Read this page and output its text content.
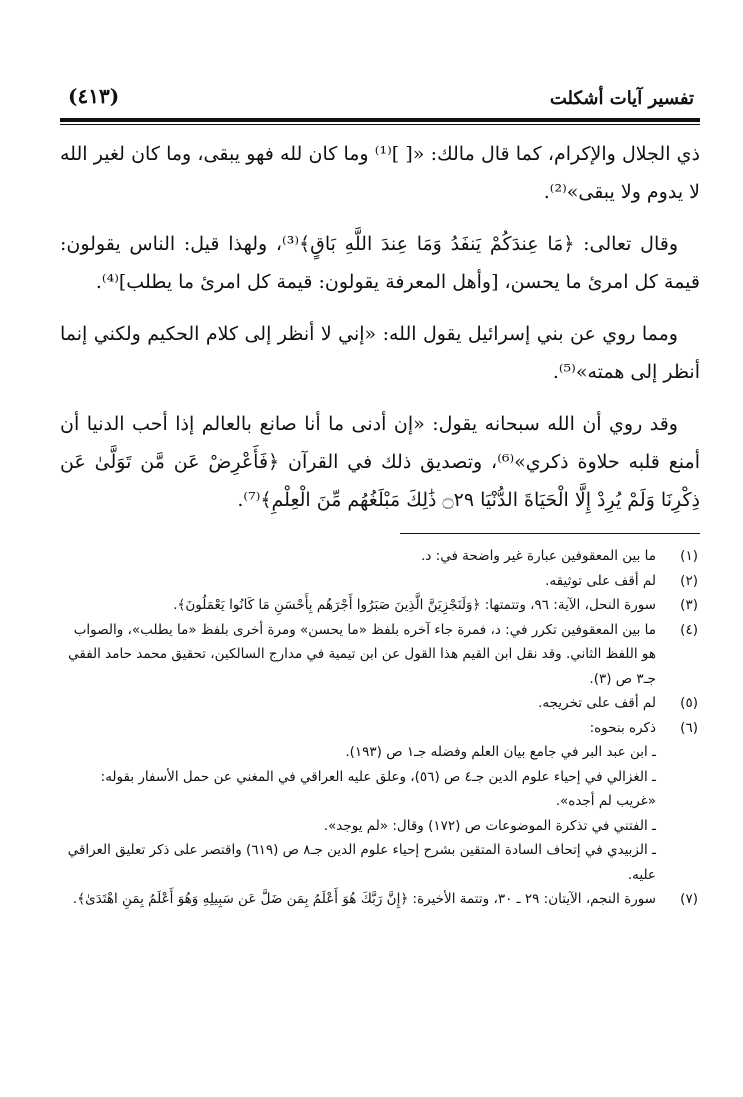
تفسير آيات أشكلت
(٤١٣)

ذي الجلال والإكرام، كما قال مالك: «[ ]⁽¹⁾ وما كان لله فهو يبقى، وما كان لغير الله لا يدوم ولا يبقى»⁽²⁾.

وقال تعالى: ﴿مَا عِندَكُمْ يَنفَدُ وَمَا عِندَ اللَّهِ بَاقٍ﴾⁽³⁾، ولهذا قيل: الناس يقولون: قيمة كل امرئ ما يحسن، [وأهل المعرفة يقولون: قيمة كل امرئ ما يطلب]⁽⁴⁾.

ومما روي عن بني إسرائيل يقول الله: «إني لا أنظر إلى كلام الحكيم ولكني إنما أنظر إلى همته»⁽⁵⁾.

وقد روي أن الله سبحانه يقول: «إن أدنى ما أنا صانع بالعالم إذا أحب الدنيا أن أمنع قلبه حلاوة ذكري»⁽⁶⁾، وتصديق ذلك في القرآن ﴿فَأَعْرِضْ عَن مَّن تَوَلَّىٰ عَن ذِكْرِنَا وَلَمْ يُرِدْ إِلَّا الْحَيَاةَ الدُّنْيَا ۝٢٩ ذَٰلِكَ مَبْلَغُهُم مِّنَ الْعِلْمِ﴾⁽⁷⁾.

(١)
ما بين المعقوفين عبارة غير واضحة في: د.
(٢)
لم أقف على توثيقه.
(٣)
سورة النحل، الآية: ٩٦، وتتمتها: ﴿وَلَنَجْزِيَنَّ الَّذِينَ صَبَرُوا أَجْرَهُم بِأَحْسَنِ مَا كَانُوا يَعْمَلُونَ﴾.
(٤)
ما بين المعقوفين تكرر في: د، فمرة جاء آخره بلفظ «ما يحسن» ومرة أخرى بلفظ «ما يطلب»، والصواب هو اللفظ الثاني. وقد نقل ابن القيم هذا القول عن ابن تيمية في مدارج السالكين، تحقيق محمد حامد الفقي جـ٣ ص (٣).
(٥)
لم أقف على تخريجه.
(٦)
ذكره بنحوه:
ـ ابن عبد البر في جامع بيان العلم وفضله جـ١ ص (١٩٣).
ـ الغزالي في إحياء علوم الدين جـ٤ ص (٥٦)، وعلق عليه العراقي في المغني عن حمل الأسفار بقوله: «غريب لم أجده».
ـ الفتني في تذكرة الموضوعات ص (١٧٢) وقال: «لم يوجد».
ـ الزبيدي في إتحاف السادة المتقين بشرح إحياء علوم الدين جـ٨ ص (٦١٩) واقتصر على ذكر تعليق العراقي عليه.
(٧)
سورة النجم، الآيتان: ٢٩ ـ ٣٠، وتتمة الأخيرة: ﴿إِنَّ رَبَّكَ هُوَ أَعْلَمُ بِمَن ضَلَّ عَن سَبِيلِهِ وَهُوَ أَعْلَمُ بِمَنِ اهْتَدَىٰ﴾.
